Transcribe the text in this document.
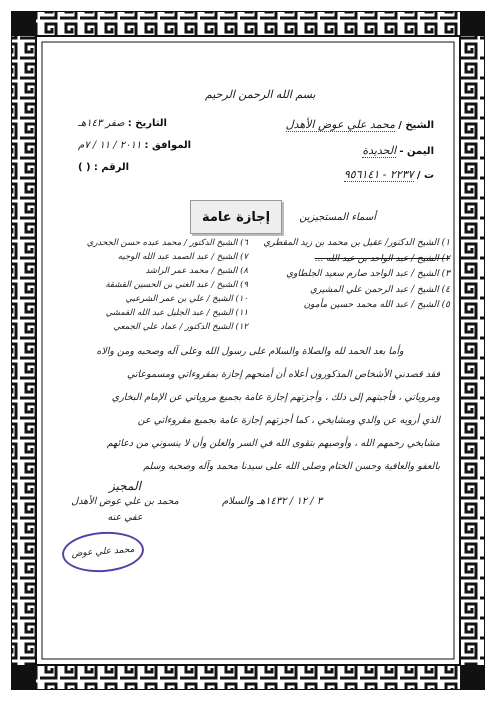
بسم الله الرحمن الرحيم
الشيخ / محمد علي عوض الأهدل
اليمن - الحديدة
ت / ٢٢٣٧ - ٩٥٦١٤١
التاريخ : صفر ١٤٣هـ
الموافق : ٢٠١١ / ١١ / ٧م
الرقم : ( )
إجازة عامة	أسماء المستجيزين
١) الشيخ الدكتور/ عقيل بن محمد بن زيد المقطري
٢) الشيخ / عبد الواحد بن عبد الله ...
٣) الشيخ / عبد الواحد صارم سعيد الجلطاوي
٤) الشيخ / عبد الرحمن علي المشيري
٥) الشيخ / عبد الله محمد حسين مأمون
٦) الشيخ الدكتور / محمد عبده حسن الجحدري
٧) الشيخ / عبد الصمد عبد الله الوجيه
٨) الشيخ / محمد عمر الراشد
٩) الشيخ / عبد الغني بن الحسين القشقة
١٠) الشيخ / علي بن عمر الشرعبي
١١) الشيخ / عبد الجليل عبد الله القمشي
١٢) الشيخ الدكتور / عماد علي الجمعي
وأما بعد الحمد لله والصلاة والسلام على رسول الله وعلى آله وصحبه ومن والاه
فقد قصدني الأشخاص المذكورون أعلاه أن أمنحهم إجازة بمقروءاتي ومسموعاتي
ومروياتي ، فأجبتهم إلى ذلك ، وأجزتهم إجازة عامة بجميع مروياتي عن الإمام البخاري
الذي أرويه عن والدي ومشايخي ، كما أجزتهم إجازة عامة بجميع مقروءاتي عن
مشايخي رحمهم الله ، وأوصيهم بتقوى الله في السر والعلن وأن لا ينسوني من دعائهم
بالعفو والعافية وحسن الختام وصلى الله على سيدنا محمد وآله وصحبه وسلم
٣ / ١٢ / ١٤٣٢هـ والسلام
المجيز
محمد بن علي عوض الأهدل
عفي عنه
محمد علي عوض
